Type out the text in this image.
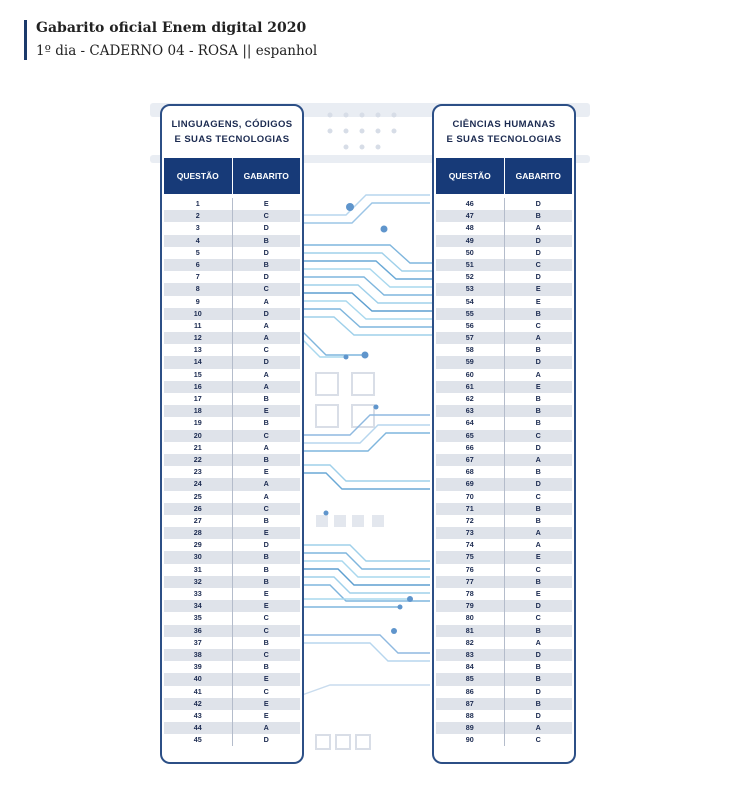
Gabarito oficial Enem digital 2020
1º dia - CADERNO 04 - ROSA || espanhol
LINGUAGENS, CÓDIGOS
E SUAS TECNOLOGIAS
QUESTÃO	GABARITO
1	E
2	C
3	D
4	B
5	D
6	B
7	D
8	C
9	A
10	D
11	A
12	A
13	C
14	D
15	A
16	A
17	B
18	E
19	B
20	C
21	A
22	B
23	E
24	A
25	A
26	C
27	B
28	E
29	D
30	B
31	B
32	B
33	E
34	E
35	C
36	C
37	B
38	C
39	B
40	E
41	C
42	E
43	E
44	A
45	D
CIÊNCIAS HUMANAS
E SUAS TECNOLOGIAS
QUESTÃO	GABARITO
46	D
47	B
48	A
49	D
50	D
51	C
52	D
53	E
54	E
55	B
56	C
57	A
58	B
59	D
60	A
61	E
62	B
63	B
64	B
65	C
66	D
67	A
68	B
69	D
70	C
71	B
72	B
73	A
74	A
75	E
76	C
77	B
78	E
79	D
80	C
81	B
82	A
83	D
84	B
85	B
86	D
87	B
88	D
89	A
90	C
